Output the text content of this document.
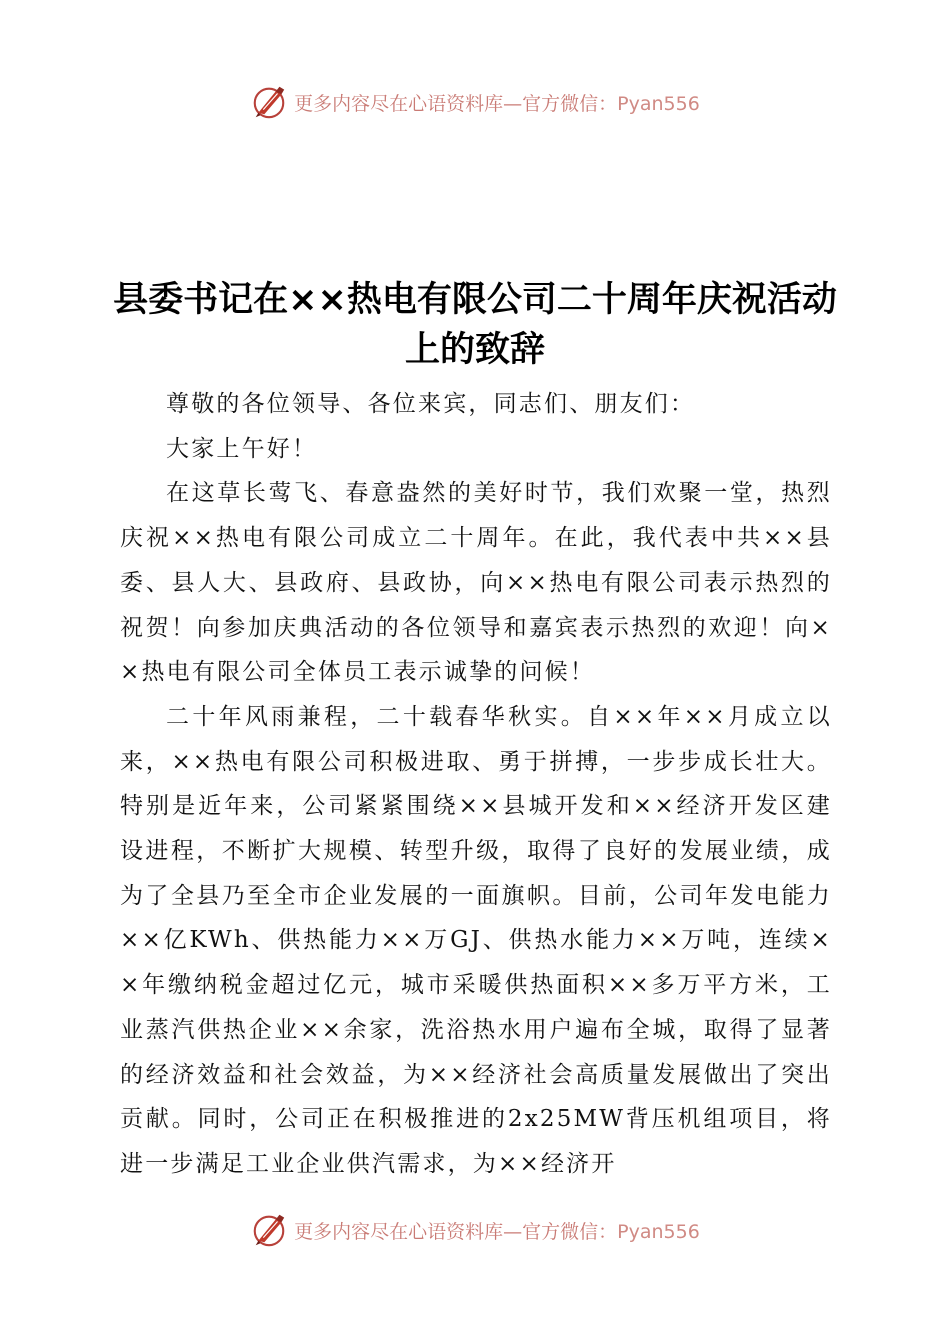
更多内容尽在心语资料库—官方微信：Pyan556
县委书记在××热电有限公司二十周年庆祝活动上的致辞

尊敬的各位领导、各位来宾，同志们、朋友们：

大家上午好！

在这草长莺飞、春意盎然的美好时节，我们欢聚一堂，热烈庆祝××热电有限公司成立二十周年。在此，我代表中共××县委、县人大、县政府、县政协，向××热电有限公司表示热烈的祝贺！向参加庆典活动的各位领导和嘉宾表示热烈的欢迎！向××热电有限公司全体员工表示诚挚的问候！

二十年风雨兼程，二十载春华秋实。自××年××月成立以来，××热电有限公司积极进取、勇于拼搏，一步步成长壮大。特别是近年来，公司紧紧围绕××县城开发和××经济开发区建设进程，不断扩大规模、转型升级，取得了良好的发展业绩，成为了全县乃至全市企业发展的一面旗帜。目前，公司年发电能力××亿KWh、供热能力××万GJ、供热水能力××万吨，连续××年缴纳税金超过亿元，城市采暖供热面积××多万平方米，工业蒸汽供热企业××余家，洗浴热水用户遍布全城，取得了显著的经济效益和社会效益，为××经济社会高质量发展做出了突出贡献。同时，公司正在积极推进的2x25MW背压机组项目，将进一步满足工业企业供汽需求，为××经济开

更多内容尽在心语资料库—官方微信：Pyan556
